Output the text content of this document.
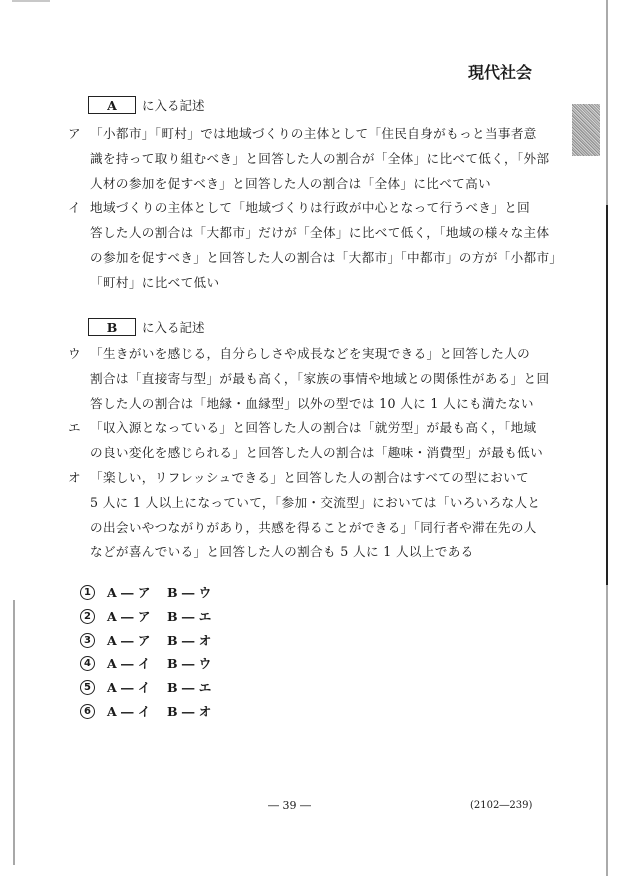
現代社会
A	に入る記述
ア 「小都市」「町村」では地域づくりの主体として「住民自身がもっと当事者意
識を持って取り組むべき」と回答した人の割合が「全体」に比べて低く，「外部
人材の参加を促すべき」と回答した人の割合は「全体」に比べて高い
イ 地域づくりの主体として「地域づくりは行政が中心となって行うべき」と回
答した人の割合は「大都市」だけが「全体」に比べて低く，「地域の様々な主体
の参加を促すべき」と回答した人の割合は「大都市」「中都市」の方が「小都市」
「町村」に比べて低い
B	に入る記述
ウ 「生きがいを感じる，自分らしさや成長などを実現できる」と回答した人の
割合は「直接寄与型」が最も高く，「家族の事情や地域との関係性がある」と回
答した人の割合は「地縁・血縁型」以外の型では 10 人に 1 人にも満たない
エ 「収入源となっている」と回答した人の割合は「就労型」が最も高く，「地域
の良い変化を感じられる」と回答した人の割合は「趣味・消費型」が最も低い
オ 「楽しい，リフレッシュできる」と回答した人の割合はすべての型において
5 人に 1 人以上になっていて，「参加・交流型」においては「いろいろな人と
の出会いやつながりがあり，共感を得ることができる」「同行者や滞在先の人
などが喜んでいる」と回答した人の割合も 5 人に 1 人以上である
1	A ― ア	B ― ウ
2	A ― ア	B ― エ
3	A ― ア	B ― オ
4	A ― イ	B ― ウ
5	A ― イ	B ― エ
6	A ― イ	B ― オ
― 39 ―	(2102―239)
